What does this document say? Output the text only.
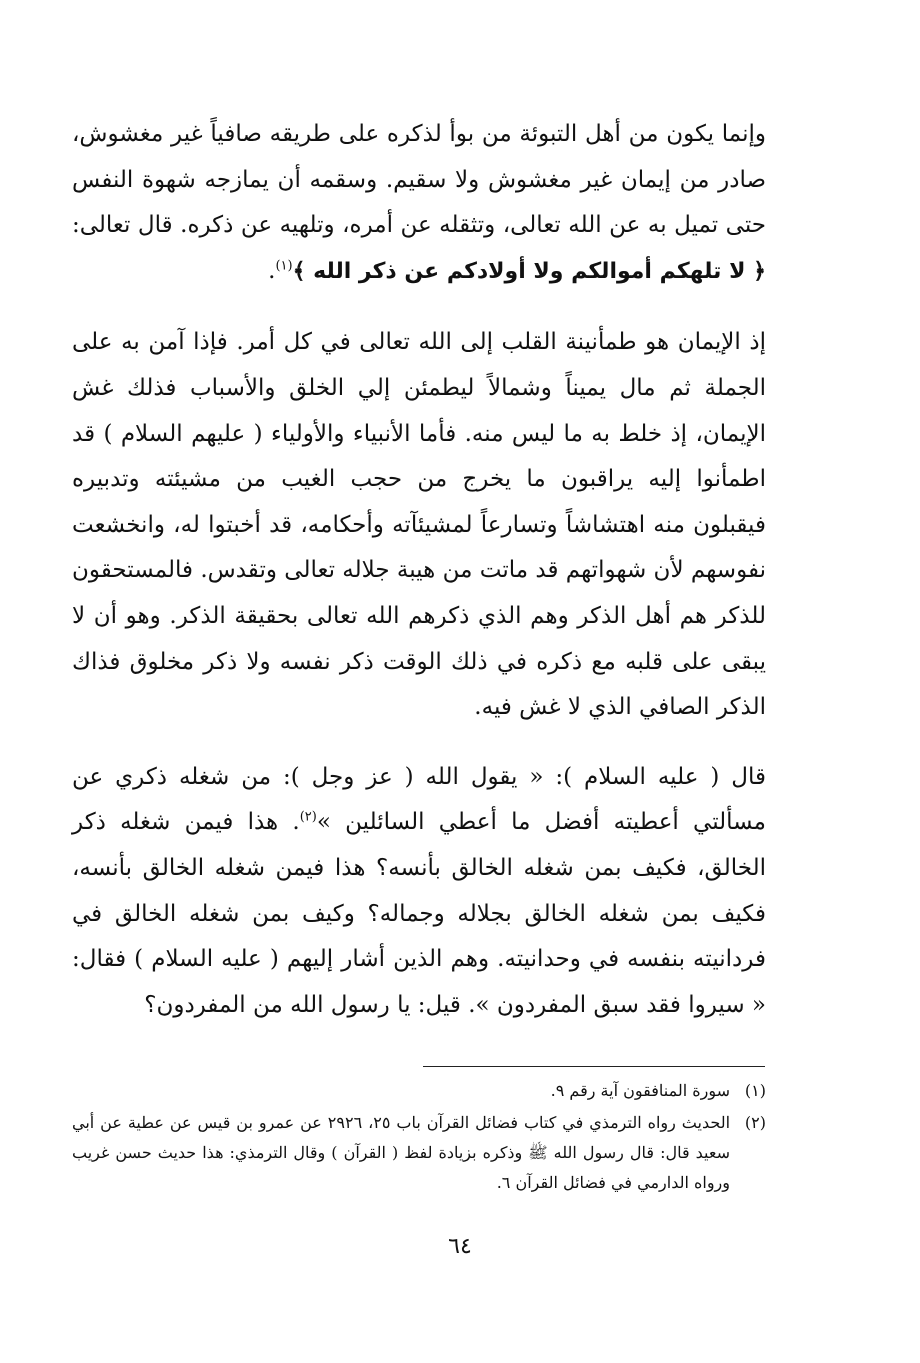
وإنما يكون من أهل التبوئة من بوأ لذكره على طريقه صافياً غير مغشوش، صادر من إيمان غير مغشوش ولا سقيم. وسقمه أن يمازجه شهوة النفس حتى تميل به عن الله تعالى، وتثقله عن أمره، وتلهيه عن ذكره. قال تعالى: ﴿ لا تلهكم أموالكم ولا أولادكم عن ذكر الله ﴾$^{(١)}$.

إذ الإيمان هو طمأنينة القلب إلى الله تعالى في كل أمر. فإذا آمن به على الجملة ثم مال يميناً وشمالاً ليطمئن إلي الخلق والأسباب فذلك غش الإيمان، إذ خلط به ما ليس منه. فأما الأنبياء والأولياء ( عليهم السلام ) قد اطمأنوا إليه يراقبون ما يخرج من حجب الغيب من مشيئته وتدبيره فيقبلون منه اهتشاشاً وتسارعاً لمشيئآته وأحكامه، قد أخبتوا له، وانخشعت نفوسهم لأن شهواتهم قد ماتت من هيبة جلاله تعالى وتقدس. فالمستحقون للذكر هم أهل الذكر وهم الذي ذكرهم الله تعالى بحقيقة الذكر. وهو أن لا يبقى على قلبه مع ذكره في ذلك الوقت ذكر نفسه ولا ذكر مخلوق فذاك الذكر الصافي الذي لا غش فيه.

قال ( عليه السلام ): « يقول الله ( عز وجل ): من شغله ذكري عن مسألتي أعطيته أفضل ما أعطي السائلين »$^{(٢)}$. هذا فيمن شغله ذكر الخالق، فكيف بمن شغله الخالق بأنسه؟ هذا فيمن شغله الخالق بأنسه، فكيف بمن شغله الخالق بجلاله وجماله؟ وكيف بمن شغله الخالق في فردانيته بنفسه في وحدانيته. وهم الذين أشار إليهم ( عليه السلام ) فقال: « سيروا فقد سبق المفردون ». قيل: يا رسول الله من المفردون؟

(١)
سورة المنافقون آية رقم ٩.
(٢)
الحديث رواه الترمذي في كتاب فضائل القرآن باب ٢٥، ٢٩٢٦ عن عمرو بن قيس عن عطية عن أبي سعيد قال: قال رسول الله ﷺ وذكره بزيادة لفظ ( القرآن ) وقال الترمذي: هذا حديث حسن غريب ورواه الدارمي في فضائل القرآن ٦.
٦٤
